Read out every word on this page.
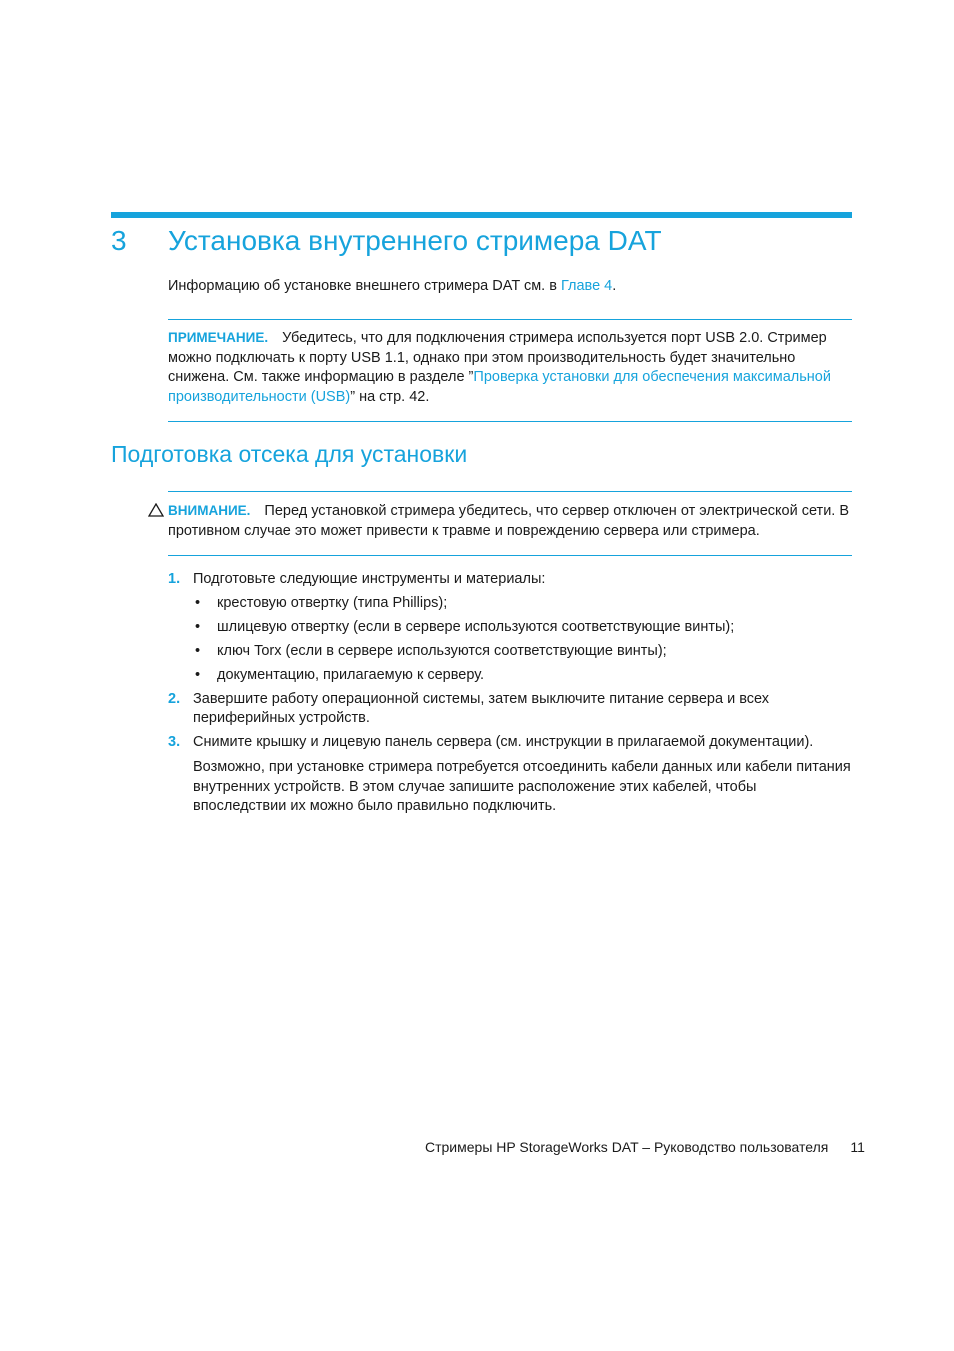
3 Установка внутреннего стримера DAT
Информацию об установке внешнего стримера DAT см. в Главе 4.
ПРИМЕЧАНИЕ. Убедитесь, что для подключения стримера используется порт USB 2.0. Стример можно подключать к порту USB 1.1, однако при этом производительность будет значительно снижена. См. также информацию в разделе ”Проверка установки для обеспечения максимальной производительности (USB)” на стр. 42.
Подготовка отсека для установки
ВНИМАНИЕ. Перед установкой стримера убедитесь, что сервер отключен от электрической сети. В противном случае это может привести к травме и повреждению сервера или стримера.
1. Подготовьте следующие инструменты и материалы:
• крестовую отвертку (типа Phillips);
• шлицевую отвертку (если в сервере используются соответствующие винты);
• ключ Torx (если в сервере используются соответствующие винты);
• документацию, прилагаемую к серверу.
2. Завершите работу операционной системы, затем выключите питание сервера и всех периферийных устройств.
3. Снимите крышку и лицевую панель сервера (см. инструкции в прилагаемой документации).
Возможно, при установке стримера потребуется отсоединить кабели данных или кабели питания внутренних устройств. В этом случае запишите расположение этих кабелей, чтобы впоследствии их можно было правильно подключить.
Стримеры HP StorageWorks DAT – Руководство пользователя 11
